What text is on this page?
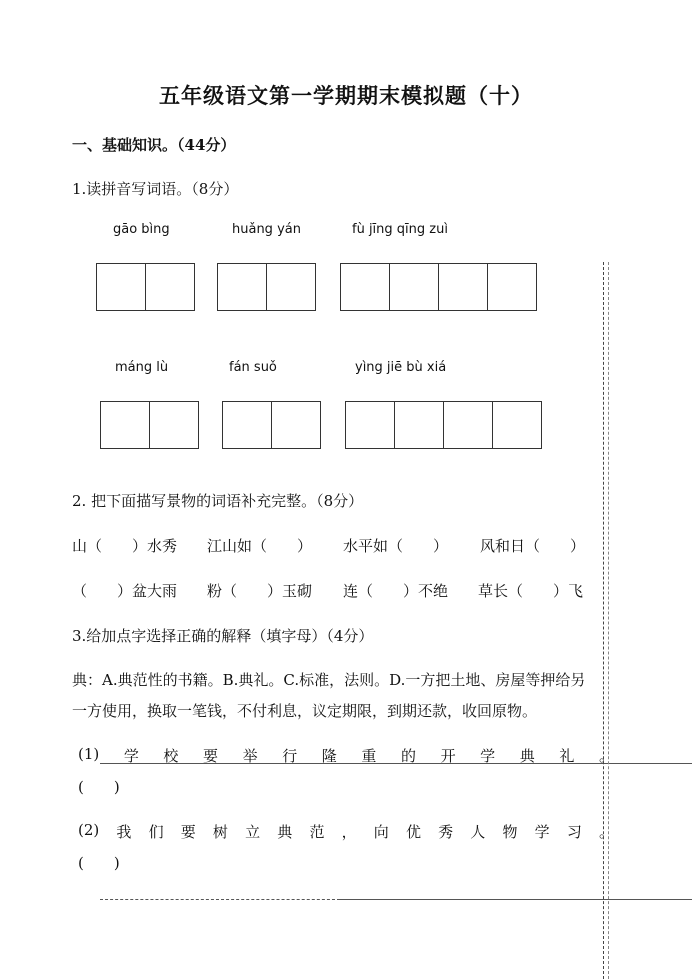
五年级语文第一学期期末模拟题（十）
一、基础知识。（44分）
1.读拼音写词语。（8分）
gāo bìng	huǎng yán	fù jīng qīng zuì
máng lù	fán suǒ	yìng jiē bù xiá
2. 把下面描写景物的词语补充完整。（8分）
山（　　）水秀 江山如（　　） 水平如（　　） 风和日（　　）
（　　）盆大雨 粉（　　）玉砌 连（　　）不绝 草长（　　）飞
3.给加点字选择正确的解释（填字母）（4分）
典：A.典范性的书籍。B.典礼。C.标准，法则。D.一方把土地、房屋等押给另
一方使用，换取一笔钱，不付利息，议定期限，到期还款，收回原物。
(1) 学 校 要 举 行 隆 重 的 开 学 典 礼 。
(　　)
(2) 我 们 要 树 立 典 范 ， 向 优 秀 人 物 学 习 。
(　　)
